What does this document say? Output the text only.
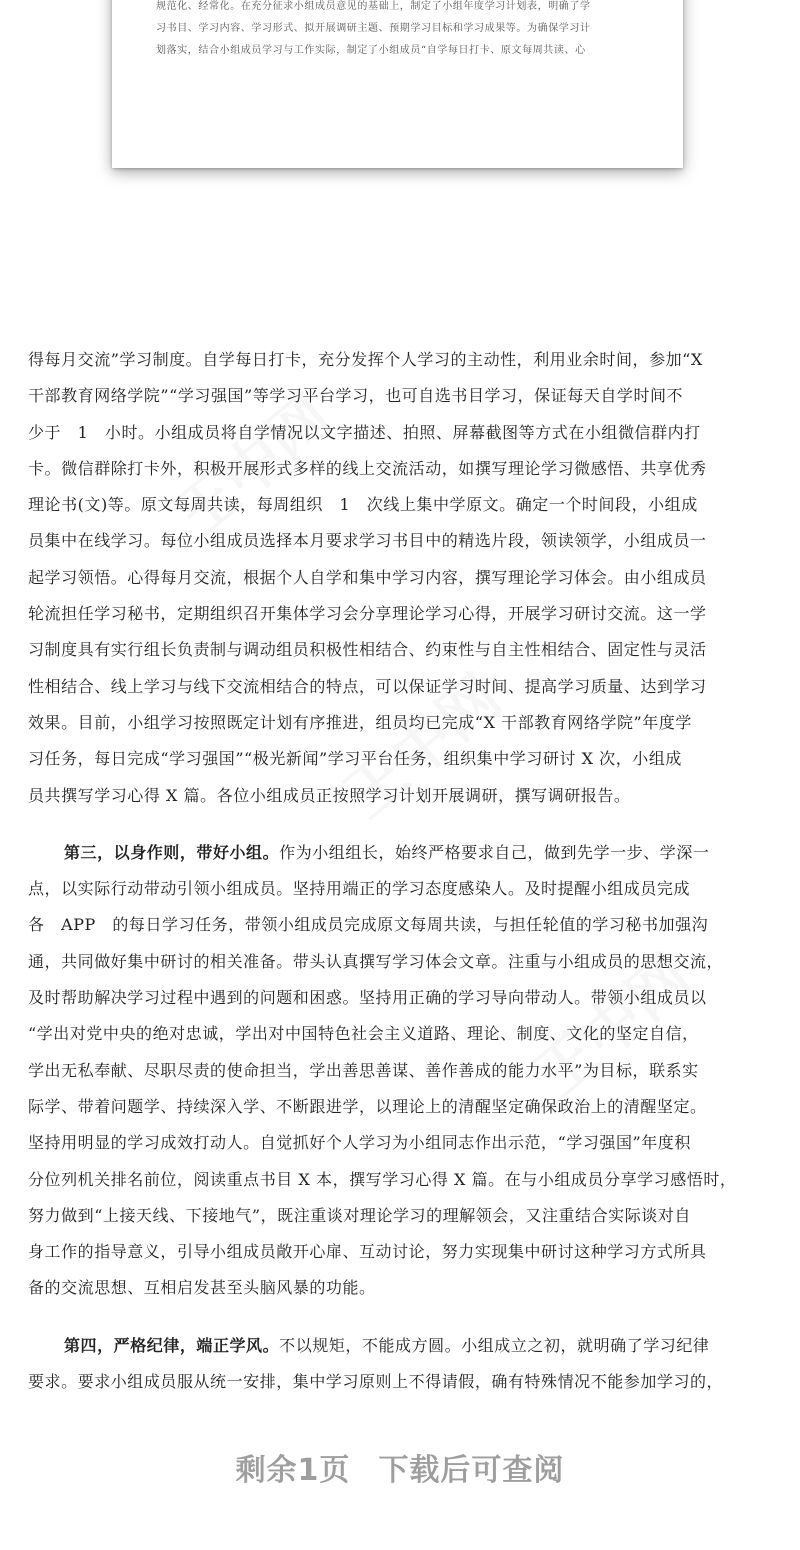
规范化、经常化。在充分征求小组成员意见的基础上，制定了小组年度学习计划表，明确了学
习书目、学习内容、学习形式、拟开展调研主题、预期学习目标和学习成果等。为确保学习计
划落实，结合小组成员学习与工作实际，制定了小组成员“自学每日打卡、原文每周共读、心
得每月交流”学习制度。自学每日打卡，充分发挥个人学习的主动性，利用业余时间，参加“X
干部教育网络学院”“学习强国”等学习平台学习，也可自选书目学习，保证每天自学时间不
少于　1　小时。小组成员将自学情况以文字描述、拍照、屏幕截图等方式在小组微信群内打
卡。微信群除打卡外，积极开展形式多样的线上交流活动，如撰写理论学习微感悟、共享优秀
理论书(文)等。原文每周共读，每周组织　1　次线上集中学原文。确定一个时间段，小组成
员集中在线学习。每位小组成员选择本月要求学习书目中的精选片段，领读领学，小组成员一
起学习领悟。心得每月交流，根据个人自学和集中学习内容，撰写理论学习体会。由小组成员
轮流担任学习秘书，定期组织召开集体学习会分享理论学习心得，开展学习研讨交流。这一学
习制度具有实行组长负责制与调动组员积极性相结合、约束性与自主性相结合、固定性与灵活
性相结合、线上学习与线下交流相结合的特点，可以保证学习时间、提高学习质量、达到学习
效果。目前，小组学习按照既定计划有序推进，组员均已完成“X 干部教育网络学院”年度学
习任务，每日完成“学习强国”“极光新闻”学习平台任务，组织集中学习研讨 X 次，小组成
员共撰写学习心得 X 篇。各位小组成员正按照学习计划开展调研，撰写调研报告。
第三，以身作则，带好小组。作为小组组长，始终严格要求自己，做到先学一步、学深一
点，以实际行动带动引领小组成员。坚持用端正的学习态度感染人。及时提醒小组成员完成
各　APP　的每日学习任务，带领小组成员完成原文每周共读，与担任轮值的学习秘书加强沟
通，共同做好集中研讨的相关准备。带头认真撰写学习体会文章。注重与小组成员的思想交流，
及时帮助解决学习过程中遇到的问题和困惑。坚持用正确的学习导向带动人。带领小组成员以
“学出对党中央的绝对忠诚，学出对中国特色社会主义道路、理论、制度、文化的坚定自信，
学出无私奉献、尽职尽责的使命担当，学出善思善谋、善作善成的能力水平”为目标，联系实
际学、带着问题学、持续深入学、不断跟进学，以理论上的清醒坚定确保政治上的清醒坚定。
坚持用明显的学习成效打动人。自觉抓好个人学习为小组同志作出示范，“学习强国”年度积
分位列机关排名前位，阅读重点书目 X 本，撰写学习心得 X 篇。在与小组成员分享学习感悟时，
努力做到“上接天线、下接地气”，既注重谈对理论学习的理解领会，又注重结合实际谈对自
身工作的指导意义，引导小组成员敞开心扉、互动讨论，努力实现集中研讨这种学习方式所具
备的交流思想、互相启发甚至头脑风暴的功能。
第四，严格纪律，端正学风。不以规矩，不能成方圆。小组成立之初，就明确了学习纪律
要求。要求小组成员服从统一安排，集中学习原则上不得请假，确有特殊情况不能参加学习的，
剩余1页 下载后可查阅
